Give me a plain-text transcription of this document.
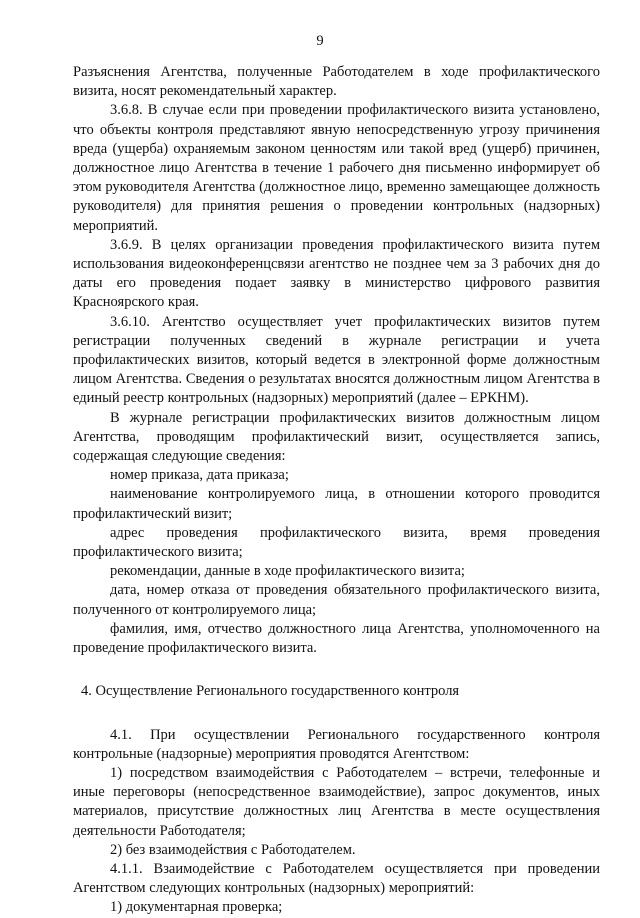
9

Разъяснения Агентства, полученные Работодателем в ходе профилактического визита, носят рекомендательный характер.

3.6.8. В случае если при проведении профилактического визита установлено, что объекты контроля представляют явную непосредственную угрозу причинения вреда (ущерба) охраняемым законом ценностям или такой вред (ущерб) причинен, должностное лицо Агентства в течение 1 рабочего дня письменно информирует об этом руководителя Агентства (должностное лицо, временно замещающее должность руководителя) для принятия решения о проведении контрольных (надзорных) мероприятий.

3.6.9. В целях организации проведения профилактического визита путем использования видеоконференцсвязи агентство не позднее чем за 3 рабочих дня до даты его проведения подает заявку в министерство цифрового развития Красноярского края.

3.6.10. Агентство осуществляет учет профилактических визитов путем регистрации полученных сведений в журнале регистрации и учета профилактических визитов, который ведется в электронной форме должностным лицом Агентства. Сведения о результатах вносятся должностным лицом Агентства в единый реестр контрольных (надзорных) мероприятий (далее – ЕРКНМ).

В журнале регистрации профилактических визитов должностным лицом Агентства, проводящим профилактический визит, осуществляется запись, содержащая следующие сведения:

номер приказа, дата приказа;

наименование контролируемого лица, в отношении которого проводится профилактический визит;

адрес проведения профилактического визита, время проведения профилактического визита;

рекомендации, данные в ходе профилактического визита;

дата, номер отказа от проведения обязательного профилактического визита, полученного от контролируемого лица;

фамилия, имя, отчество должностного лица Агентства, уполномоченного на проведение профилактического визита.

4. Осуществление Регионального государственного контроля

4.1. При осуществлении Регионального государственного контроля контрольные (надзорные) мероприятия проводятся Агентством:

1) посредством взаимодействия с Работодателем – встречи, телефонные и иные переговоры (непосредственное взаимодействие), запрос документов, иных материалов, присутствие должностных лиц Агентства в месте осуществления деятельности Работодателя;

2) без взаимодействия с Работодателем.

4.1.1. Взаимодействие с Работодателем осуществляется при проведении Агентством следующих контрольных (надзорных) мероприятий:

1) документарная проверка;
